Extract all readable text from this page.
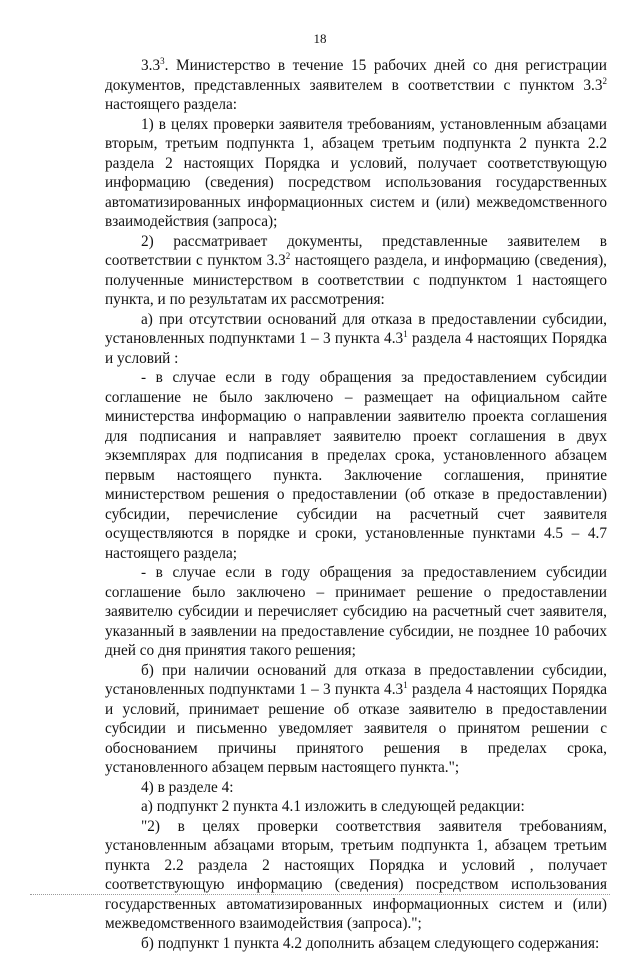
18

$3.3^3$. Министерство в течение 15 рабочих дней со дня регистрации документов, представленных заявителем в соответствии с пунктом $3.3^2$ настоящего раздела:

1) в целях проверки заявителя требованиям, установленным абзацами вторым, третьим подпункта 1, абзацем третьим подпункта 2 пункта 2.2 раздела 2 настоящих Порядка и условий, получает соответствующую информацию (сведения) посредством использования государственных автоматизированных информационных систем и (или) межведомственного взаимодействия (запроса);

2) рассматривает документы, представленные заявителем в соответствии с пунктом $3.3^2$ настоящего раздела, и информацию (сведения), полученные министерством в соответствии с подпунктом 1 настоящего пункта, и по результатам их рассмотрения:

а) при отсутствии оснований для отказа в предоставлении субсидии, установленных подпунктами 1 – 3 пункта $4.3^1$ раздела 4 настоящих Порядка и условий :

- в случае если в году обращения за предоставлением субсидии соглашение не было заключено – размещает на официальном сайте министерства информацию о направлении заявителю проекта соглашения для подписания и направляет заявителю проект соглашения в двух экземплярах для подписания в пределах срока, установленного абзацем первым настоящего пункта. Заключение соглашения, принятие министерством решения о предоставлении (об отказе в предоставлении) субсидии, перечисление субсидии на расчетный счет заявителя осуществляются в порядке и сроки, установленные пунктами 4.5 – 4.7 настоящего раздела;

- в случае если в году обращения за предоставлением субсидии соглашение было заключено – принимает решение о предоставлении заявителю субсидии и перечисляет субсидию на расчетный счет заявителя, указанный в заявлении на предоставление субсидии, не позднее 10 рабочих дней со дня принятия такого решения;

б) при наличии оснований для отказа в предоставлении субсидии, установленных подпунктами 1 – 3 пункта $4.3^1$ раздела 4 настоящих Порядка и условий, принимает решение об отказе заявителю в предоставлении субсидии и письменно уведомляет заявителя о принятом решении с обоснованием причины принятого решения в пределах срока, установленного абзацем первым настоящего пункта.";

4) в разделе 4:

а) подпункт 2 пункта 4.1 изложить в следующей редакции:

"2) в целях проверки соответствия заявителя требованиям, установленным абзацами вторым, третьим подпункта 1, абзацем третьим пункта 2.2 раздела 2 настоящих Порядка и условий , получает соответствующую информацию (сведения) посредством использования государственных автоматизированных информационных систем и (или) межведомственного взаимодействия (запроса).";

б) подпункт 1 пункта 4.2 дополнить абзацем следующего содержания:
